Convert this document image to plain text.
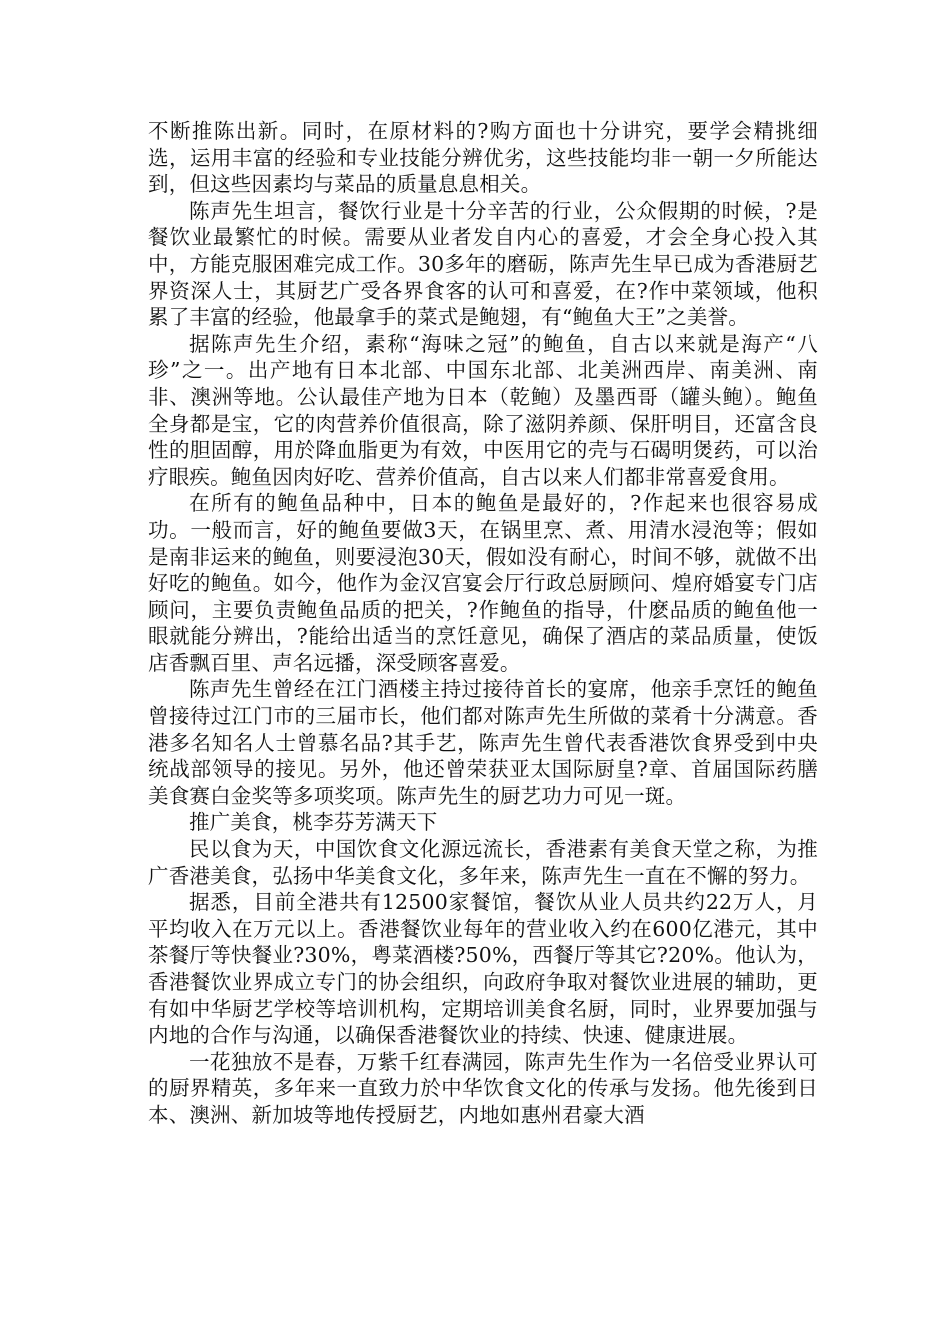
不断推陈出新。同时，在原材料的?购方面也十分讲究，要学会精挑细选，运用丰富的经验和专业技能分辨优劣，这些技能均非一朝一夕所能达到，但这些因素均与菜品的质量息息相关。

陈声先生坦言，餐饮行业是十分辛苦的行业，公众假期的时候，?是餐饮业最繁忙的时候。需要从业者发自内心的喜爱，才会全身心投入其中，方能克服困难完成工作。30多年的磨砺，陈声先生早已成为香港厨艺界资深人士，其厨艺广受各界食客的认可和喜爱，在?作中菜领域，他积累了丰富的经验，他最拿手的菜式是鲍翅，有“鲍鱼大王”之美誉。

据陈声先生介绍，素称“海味之冠”的鲍鱼，自古以来就是海产“八珍”之一。出产地有日本北部、中国东北部、北美洲西岸、南美洲、南非、澳洲等地。公认最佳产地为日本（乾鲍）及墨西哥（罐头鲍）。鲍鱼全身都是宝，它的肉营养价值很高，除了滋阴养颜、保肝明目，还富含良性的胆固醇，用於降血脂更为有效，中医用它的壳与石碣明煲药，可以治疗眼疾。鲍鱼因肉好吃、营养价值高，自古以来人们都非常喜爱食用。

在所有的鲍鱼品种中，日本的鲍鱼是最好的，?作起来也很容易成功。一般而言，好的鲍鱼要做3天，在锅里烹、煮、用清水浸泡等；假如是南非运来的鲍鱼，则要浸泡30天，假如没有耐心，时间不够，就做不出好吃的鲍鱼。如今，他作为金汉宫宴会厅行政总厨顾问、煌府婚宴专门店顾问，主要负责鲍鱼品质的把关，?作鲍鱼的指导，什麽品质的鲍鱼他一眼就能分辨出，?能给出适当的烹饪意见，确保了酒店的菜品质量，使饭店香飘百里、声名远播，深受顾客喜爱。

陈声先生曾经在江门酒楼主持过接待首长的宴席，他亲手烹饪的鲍鱼曾接待过江门市的三届市长，他们都对陈声先生所做的菜肴十分满意。香港多名知名人士曾慕名品?其手艺，陈声先生曾代表香港饮食界受到中央统战部领导的接见。另外，他还曾荣获亚太国际厨皇?章、首届国际药膳美食赛白金奖等多项奖项。陈声先生的厨艺功力可见一斑。

推广美食，桃李芬芳满天下

民以食为天，中国饮食文化源远流长，香港素有美食天堂之称，为推广香港美食，弘扬中华美食文化，多年来，陈声先生一直在不懈的努力。

据悉，目前全港共有12500家餐馆，餐饮从业人员共约22万人，月平均收入在万元以上。香港餐饮业每年的营业收入约在600亿港元，其中茶餐厅等快餐业?30%，粤菜酒楼?50%，西餐厅等其它?20%。他认为，香港餐饮业界成立专门的协会组织，向政府争取对餐饮业进展的辅助，更有如中华厨艺学校等培训机构，定期培训美食名厨，同时，业界要加强与内地的合作与沟通，以确保香港餐饮业的持续、快速、健康进展。

一花独放不是春，万紫千红春满园，陈声先生作为一名倍受业界认可的厨界精英，多年来一直致力於中华饮食文化的传承与发扬。他先後到日本、澳洲、新加坡等地传授厨艺，内地如惠州君豪大酒
